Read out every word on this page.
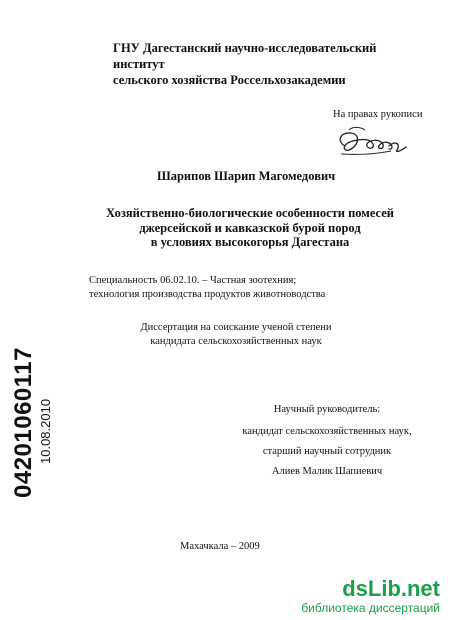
ГНУ Дагестанский научно-исследовательский институт
сельского хозяйства Россельхозакадемии
На правах рукописи
Шарипов Шарип Магомедович
Хозяйственно-биологические особенности помесей
джерсейской и кавказской бурой пород
в условиях высокогорья Дагестана
Специальность 06.02.10. – Частная зоотехния;
технология производства продуктов животноводства
Диссертация на соискание ученой степени
кандидата сельскохозяйственных наук
Научный руководитель:
кандидат сельскохозяйственных наук,
старший научный сотрудник
Алиев Малик Шапиевич
Махачкала – 2009
04201060117 10.08.2010
dsLib.net
библиотека диссертаций
